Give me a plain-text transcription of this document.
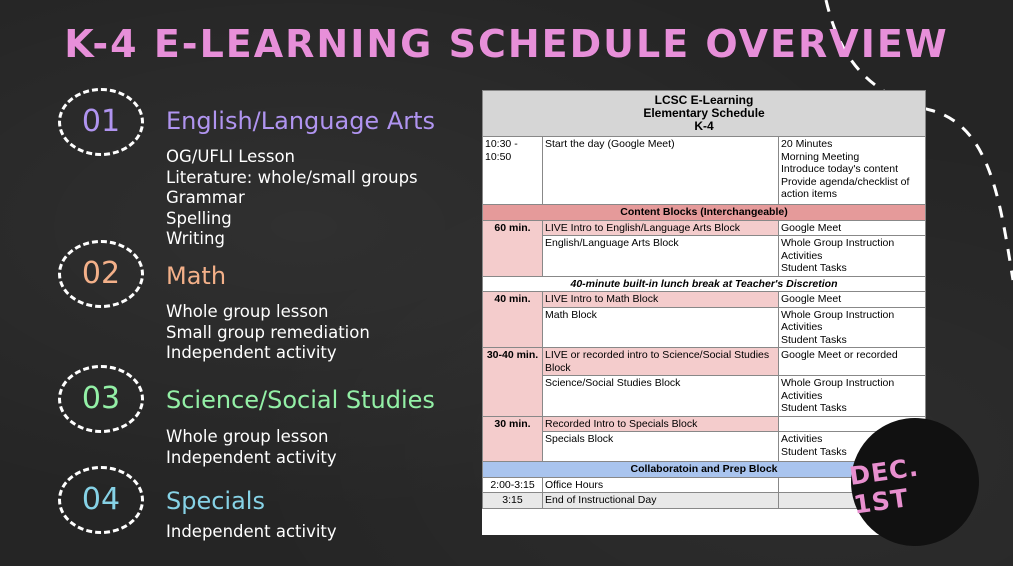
K-4 E-LEARNING SCHEDULE OVERVIEW
01	English/Language Arts
OG/UFLI Lesson
Literature: whole/small groups
Grammar
Spelling
Writing
02	Math
Whole group lesson
Small group remediation
Independent activity
03	Science/Social Studies
Whole group lesson
Independent activity
04	Specials
Independent activity
LCSC E-Learning
Elementary Schedule
K-4		

10:30 - 10:50	Start the day (Google Meet)	20 Minutes
Morning Meeting
Introduce today's content
Provide agenda/checklist of action items

Content Blocks (Interchangeable)		
60 min.	LIVE Intro to English/Language Arts Block	Google Meet
	English/Language Arts Block	Whole Group Instruction
Activities
Student Tasks

40-minute built-in lunch break at Teacher's Discretion		
40 min.	LIVE Intro to Math Block	Google Meet
	Math Block	Whole Group Instruction
Activities
Student Tasks

30-40 min.	LIVE or recorded intro to Science/Social Studies Block	Google Meet or recorded
	Science/Social Studies Block	Whole Group Instruction
Activities
Student Tasks

30 min.	Recorded Intro to Specials Block	
	Specials Block	Activities
Student Tasks

Collaboratoin and Prep Block		
2:00-3:15	Office Hours	
3:15	End of Instructional Day	
DEC. 1ST
